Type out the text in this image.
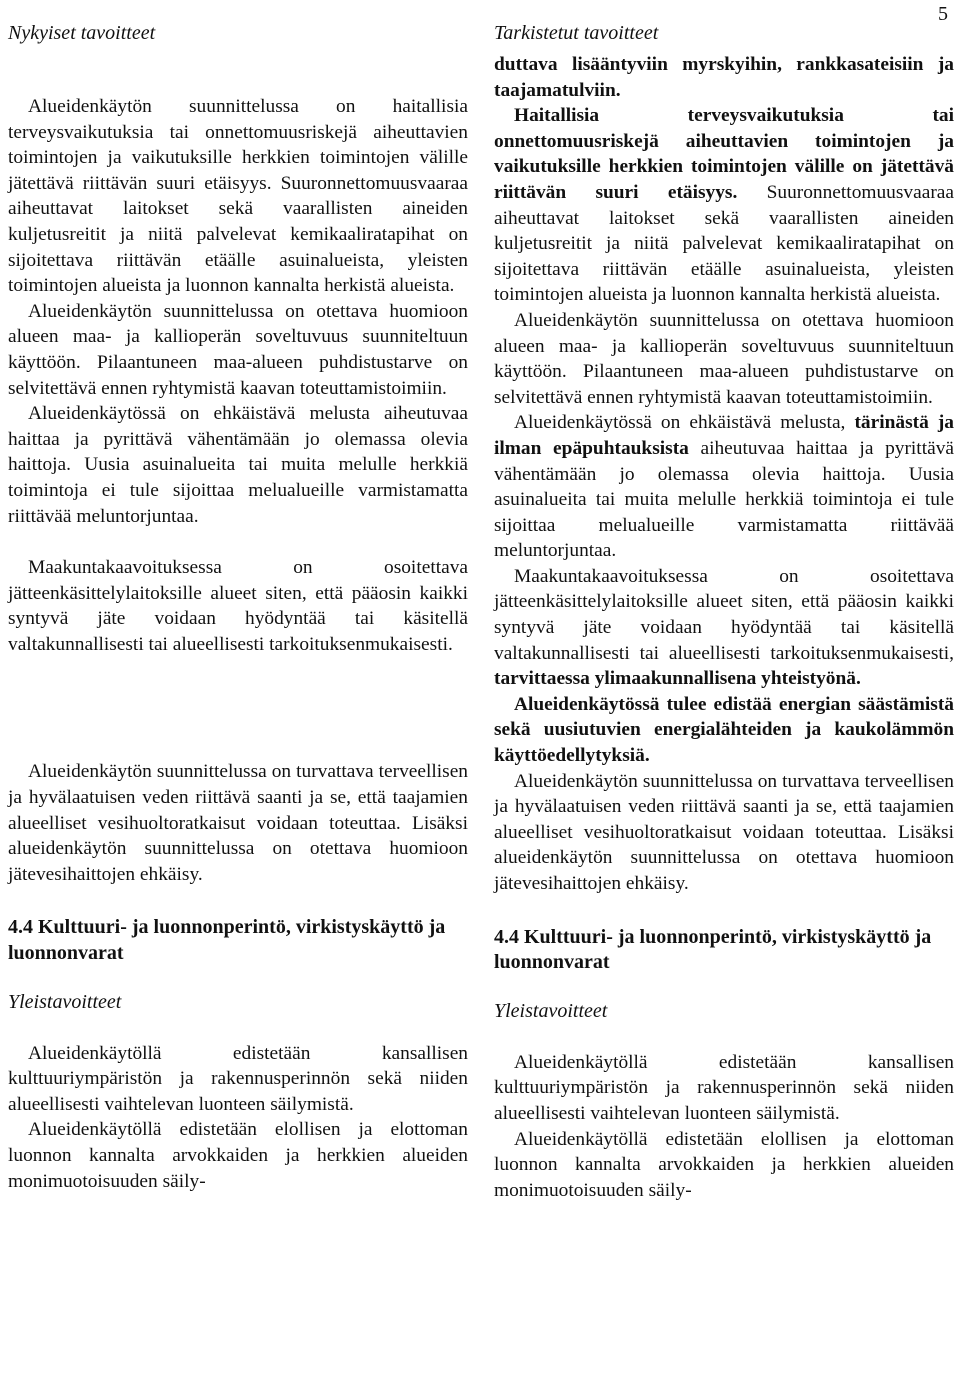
5
Nykyiset tavoitteet

Alueidenkäytön suunnittelussa on haitallisia terveysvaikutuksia tai onnettomuusriskejä aiheuttavien toimintojen ja vaikutuksille herkkien toimintojen välille jätettävä riittävän suuri etäisyys. Suuronnettomuusvaaraa aiheuttavat laitokset sekä vaarallisten aineiden kuljetusreitit ja niitä palvelevat kemikaaliratapihat on sijoitettava riittävän etäälle asuinalueista, yleisten toimintojen alueista ja luonnon kannalta herkistä alueista.

Alueidenkäytön suunnittelussa on otettava huomioon alueen maa- ja kallioperän soveltuvuus suunniteltuun käyttöön. Pilaantuneen maa-alueen puhdistustarve on selvitettävä ennen ryhtymistä kaavan toteuttamistoimiin.

Alueidenkäytössä on ehkäistävä melusta aiheutuvaa haittaa ja pyrittävä vähentämään jo olemassa olevia haittoja. Uusia asuinalueita tai muita melulle herkkiä toimintoja ei tule sijoittaa melualueille varmistamatta riittävää meluntorjuntaa.

Maakuntakaavoituksessa on osoitettava jätteenkäsittelylaitoksille alueet siten, että pääosin kaikki syntyvä jäte voidaan hyödyntää tai käsitellä valtakunnallisesti tai alueellisesti tarkoituksenmukaisesti.

Alueidenkäytön suunnittelussa on turvattava terveellisen ja hyvälaatuisen veden riittävä saanti ja se, että taajamien alueelliset vesihuoltoratkaisut voidaan toteuttaa. Lisäksi alueidenkäytön suunnittelussa on otettava huomioon jätevesihaittojen ehkäisy.

4.4 Kulttuuri- ja luonnonperintö, virkistyskäyttö ja luonnonvarat
Yleistavoitteet

Alueidenkäytöllä edistetään kansallisen kulttuuriympäristön ja rakennusperinnön sekä niiden alueellisesti vaihtelevan luonteen säilymistä.

Alueidenkäytöllä edistetään elollisen ja elottoman luonnon kannalta arvokkaiden ja herkkien alueiden monimuotoisuuden säily-

Tarkistetut tavoitteet

duttava lisääntyviin myrskyihin, rankkasateisiin ja taajamatulviin.

Haitallisia terveysvaikutuksia tai onnettomuusriskejä aiheuttavien toimintojen ja vaikutuksille herkkien toimintojen välille on jätettävä riittävän suuri etäisyys. Suuronnettomuusvaaraa aiheuttavat laitokset sekä vaarallisten aineiden kuljetusreitit ja niitä palvelevat kemikaaliratapihat on sijoitettava riittävän etäälle asuinalueista, yleisten toimintojen alueista ja luonnon kannalta herkistä alueista.

Alueidenkäytön suunnittelussa on otettava huomioon alueen maa- ja kallioperän soveltuvuus suunniteltuun käyttöön. Pilaantuneen maa-alueen puhdistustarve on selvitettävä ennen ryhtymistä kaavan toteuttamistoimiin.

Alueidenkäytössä on ehkäistävä melusta, tärinästä ja ilman epäpuhtauksista aiheutuvaa haittaa ja pyrittävä vähentämään jo olemassa olevia haittoja. Uusia asuinalueita tai muita melulle herkkiä toimintoja ei tule sijoittaa melualueille varmistamatta riittävää meluntorjuntaa.

Maakuntakaavoituksessa on osoitettava jätteenkäsittelylaitoksille alueet siten, että pääosin kaikki syntyvä jäte voidaan hyödyntää tai käsitellä valtakunnallisesti tai alueellisesti tarkoituksenmukaisesti, tarvittaessa ylimaakunnallisena yhteistyönä.

Alueidenkäytössä tulee edistää energian säästämistä sekä uusiutuvien energialähteiden ja kaukolämmön käyttöedellytyksiä.

Alueidenkäytön suunnittelussa on turvattava terveellisen ja hyvälaatuisen veden riittävä saanti ja se, että taajamien alueelliset vesihuoltoratkaisut voidaan toteuttaa. Lisäksi alueidenkäytön suunnittelussa on otettava huomioon jätevesihaittojen ehkäisy.

4.4 Kulttuuri- ja luonnonperintö, virkistyskäyttö ja luonnonvarat
Yleistavoitteet

Alueidenkäytöllä edistetään kansallisen kulttuuriympäristön ja rakennusperinnön sekä niiden alueellisesti vaihtelevan luonteen säilymistä.

Alueidenkäytöllä edistetään elollisen ja elottoman luonnon kannalta arvokkaiden ja herkkien alueiden monimuotoisuuden säily-
